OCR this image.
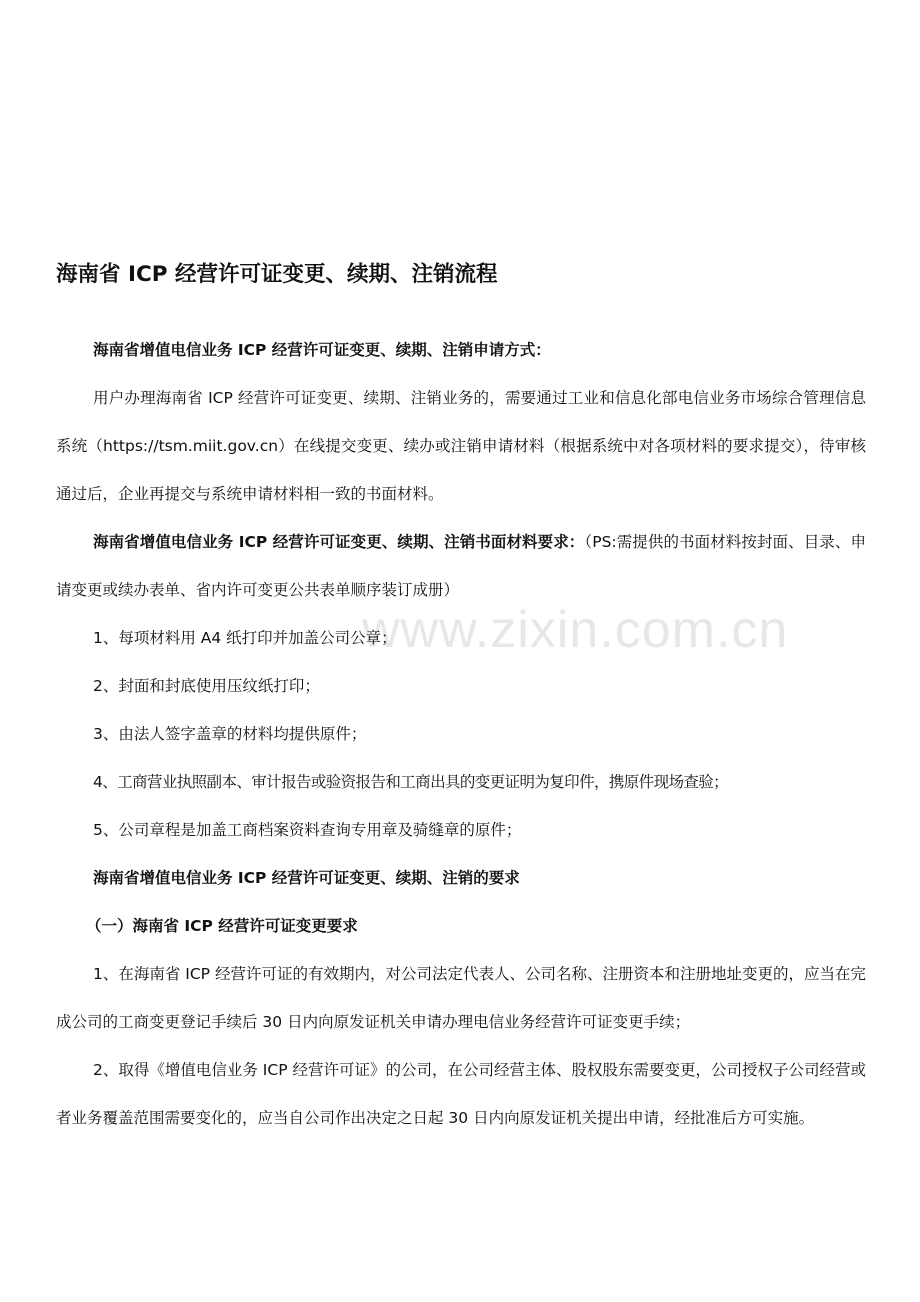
海南省 ICP 经营许可证变更、续期、注销流程

海南省增值电信业务 ICP 经营许可证变更、续期、注销申请方式：

用户办理海南省 ICP 经营许可证变更、续期、注销业务的，需要通过工业和信息化部电信业务市场综合管理信息系统（https://tsm.miit.gov.cn）在线提交变更、续办或注销申请材料（根据系统中对各项材料的要求提交），待审核通过后，企业再提交与系统申请材料相一致的书面材料。

海南省增值电信业务 ICP 经营许可证变更、续期、注销书面材料要求：（PS:需提供的书面材料按封面、目录、申请变更或续办表单、省内许可变更公共表单顺序装订成册）

1、每项材料用 A4 纸打印并加盖公司公章；

2、封面和封底使用压纹纸打印；

3、由法人签字盖章的材料均提供原件；

4、工商营业执照副本、审计报告或验资报告和工商出具的变更证明为复印件，携原件现场查验；

5、公司章程是加盖工商档案资料查询专用章及骑缝章的原件；

海南省增值电信业务 ICP 经营许可证变更、续期、注销的要求

（一）海南省 ICP 经营许可证变更要求

1、在海南省 ICP 经营许可证的有效期内，对公司法定代表人、公司名称、注册资本和注册地址变更的，应当在完成公司的工商变更登记手续后 30 日内向原发证机关申请办理电信业务经营许可证变更手续；

2、取得《增值电信业务 ICP 经营许可证》的公司，在公司经营主体、股权股东需要变更，公司授权子公司经营或者业务覆盖范围需要变化的，应当自公司作出决定之日起 30 日内向原发证机关提出申请，经批准后方可实施。

www.zixin.com.cn
